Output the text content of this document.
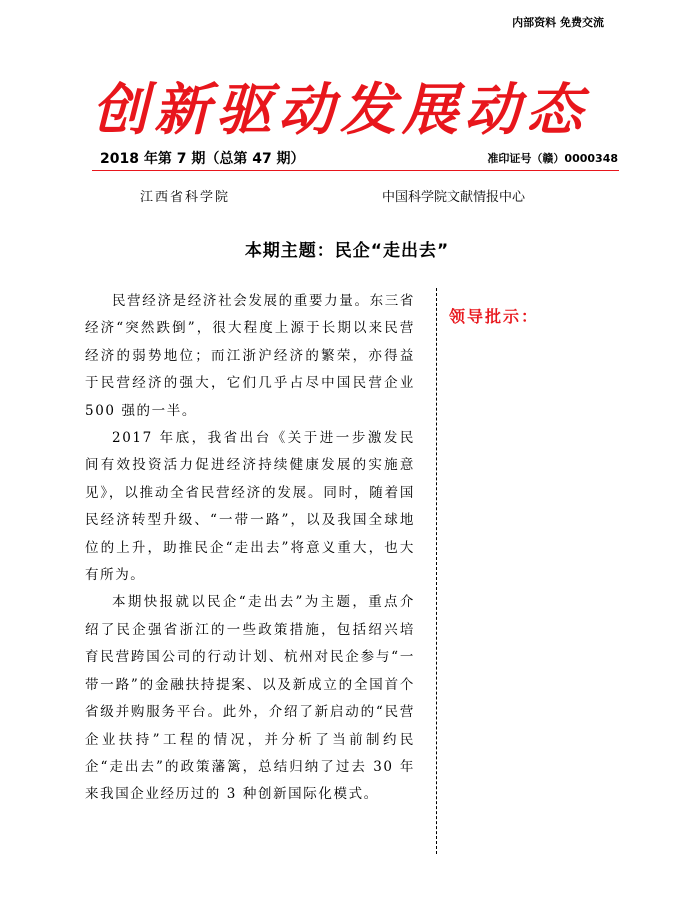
内部资料 免费交流
创新驱动发展动态
2018 年第 7 期（总第 47 期）	准印证号（赣）0000348
江西省科学院	中国科学院文献情报中心
本期主题：民企“走出去”

民营经济是经济社会发展的重要力量。东三省经济“突然跌倒”，很大程度上源于长期以来民营经济的弱势地位；而江浙沪经济的繁荣，亦得益于民营经济的强大，它们几乎占尽中国民营企业 500 强的一半。

2017 年底，我省出台《关于进一步激发民间有效投资活力促进经济持续健康发展的实施意见》，以推动全省民营经济的发展。同时，随着国民经济转型升级、“一带一路”，以及我国全球地位的上升，助推民企“走出去”将意义重大，也大有所为。

本期快报就以民企“走出去”为主题，重点介绍了民企强省浙江的一些政策措施，包括绍兴培育民营跨国公司的行动计划、杭州对民企参与“一带一路”的金融扶持提案、以及新成立的全国首个省级并购服务平台。此外，介绍了新启动的“民营企业扶持”工程的情况，并分析了当前制约民企“走出去”的政策藩篱，总结归纳了过去 30 年来我国企业经历过的 3 种创新国际化模式。

领导批示：
